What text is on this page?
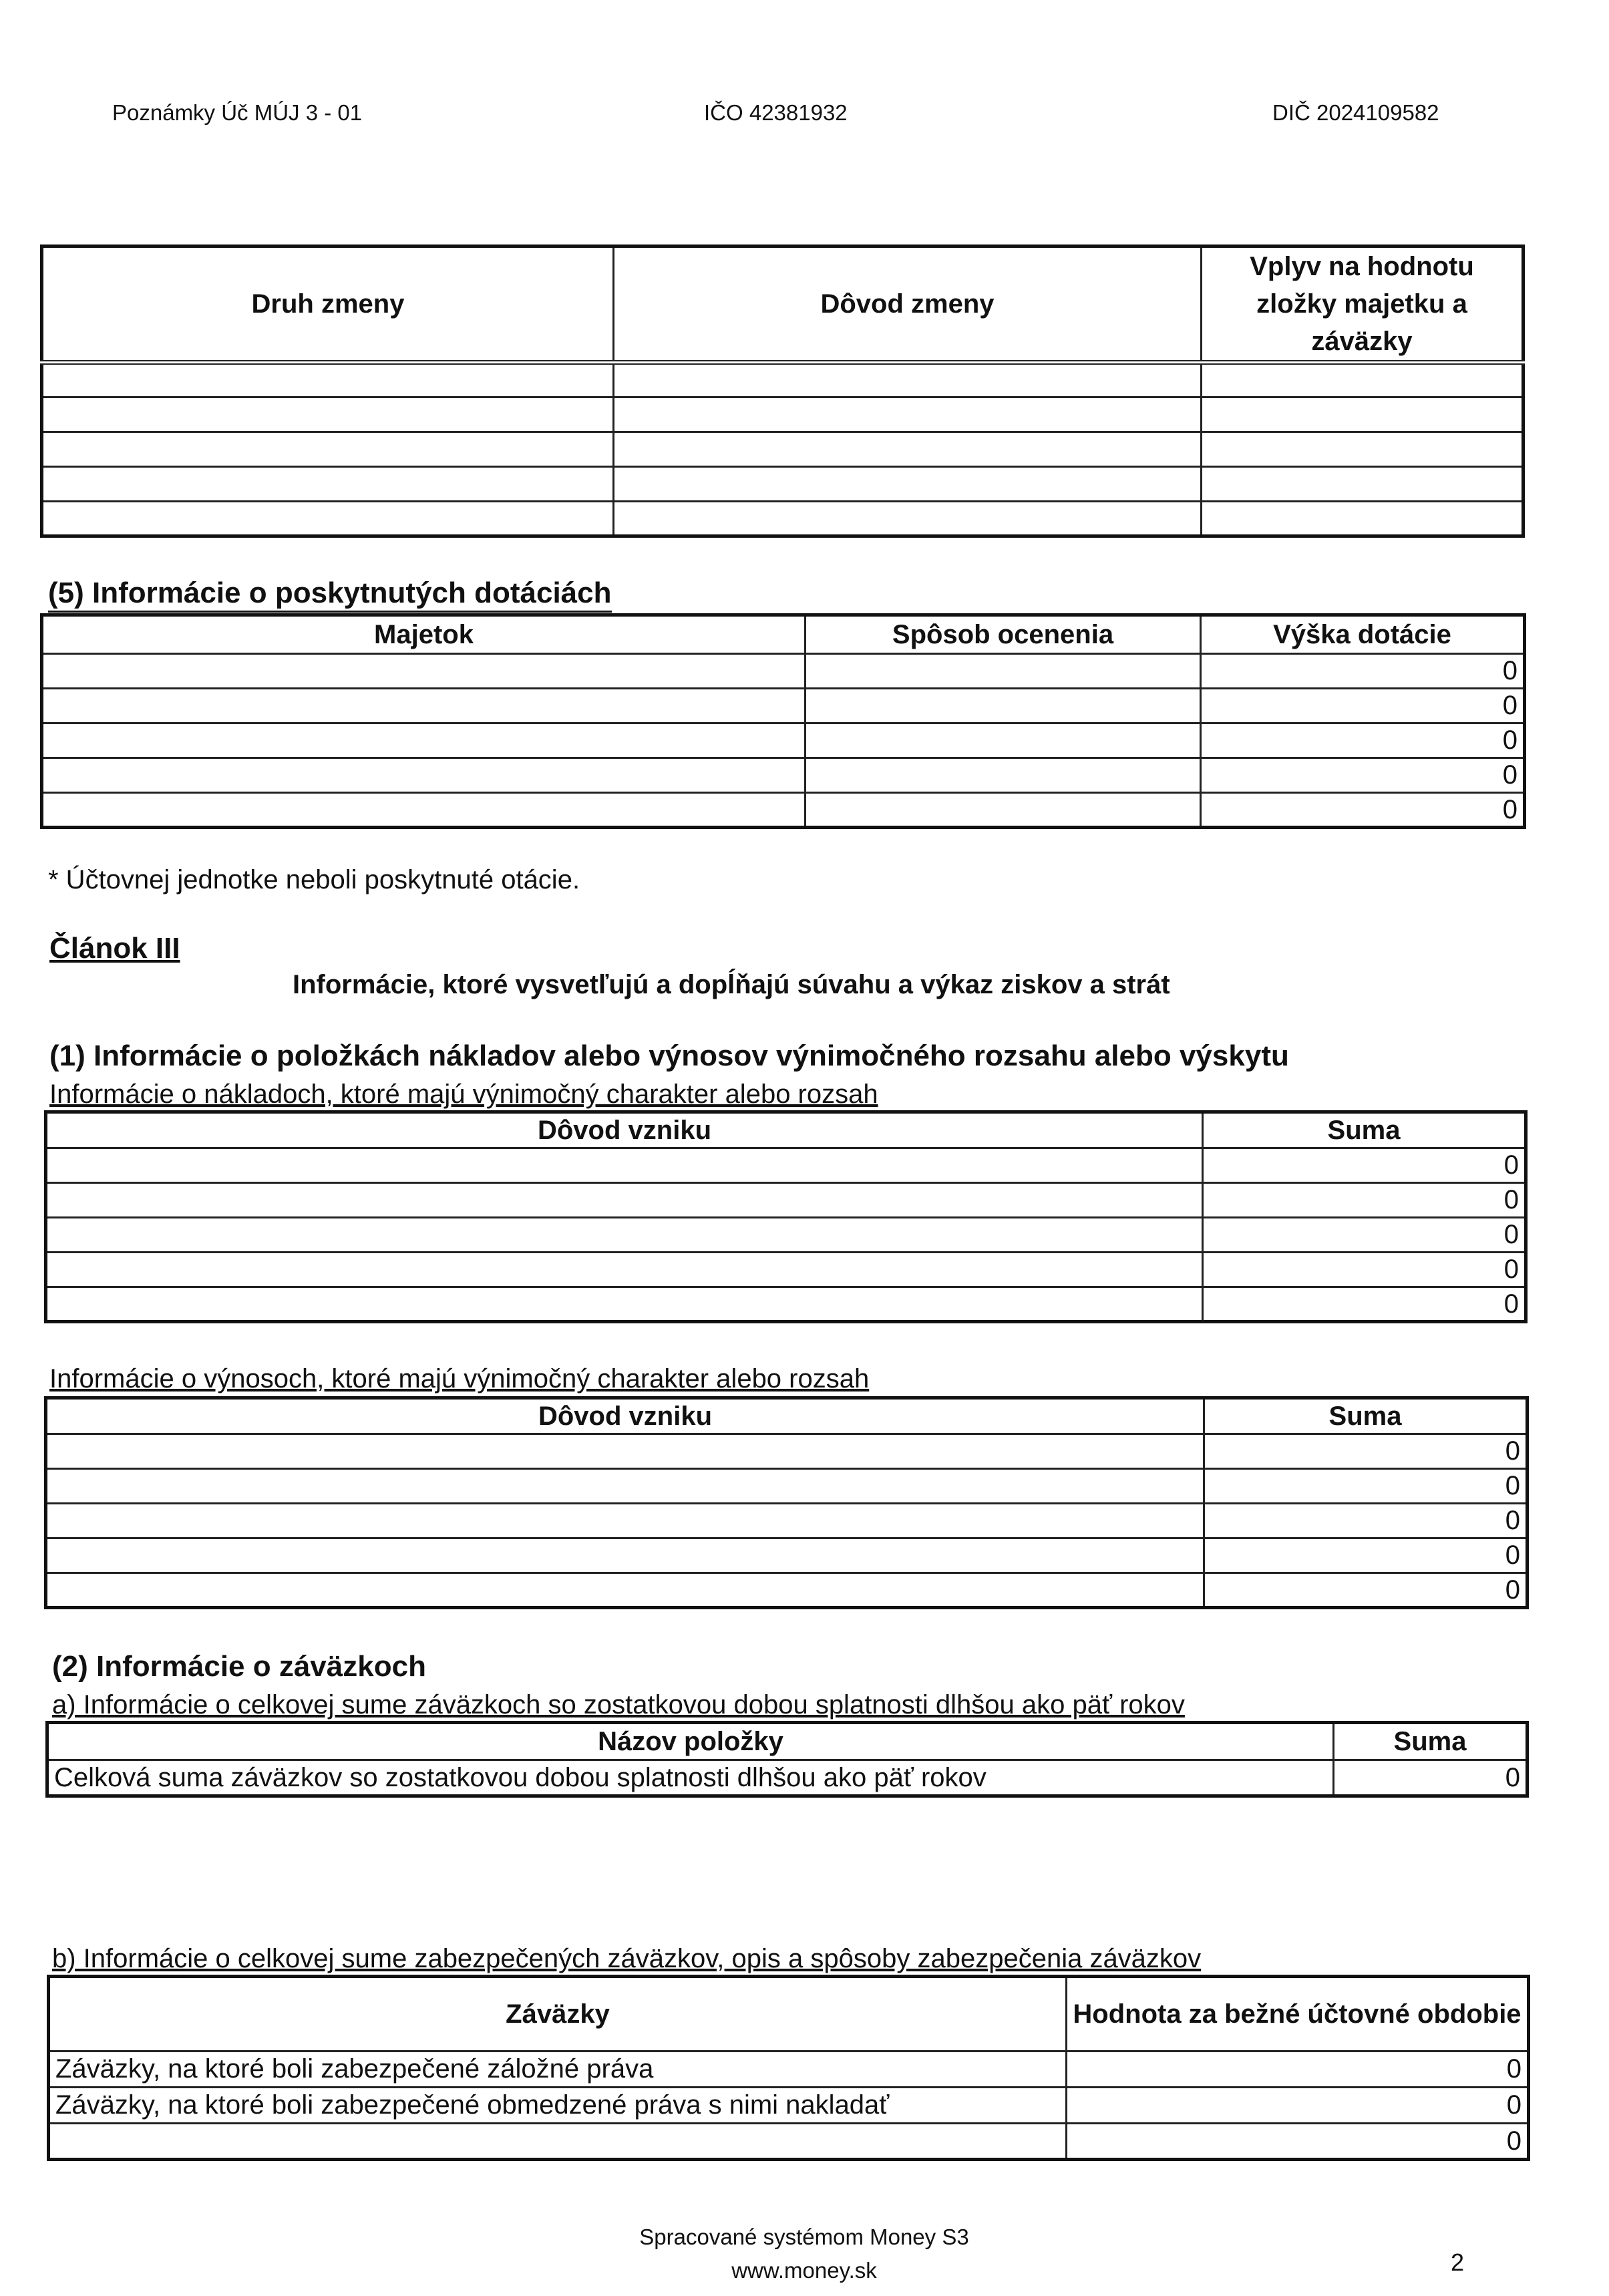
Poznámky Úč MÚJ 3 - 01	IČO 42381932	DIČ 2024109582
Druh zmeny	Dôvod zmeny	Vplyv na hodnotu zložky majetku a záväzky

(5) Informácie o poskytnutých dotáciách
Majetok	Spôsob ocenenia	Výška dotácie
		0
		0
		0
		0
		0
* Účtovnej jednotke neboli poskytnuté otácie.
Článok III
Informácie, ktoré vysvetľujú a dopĺňajú súvahu a výkaz ziskov a strát
(1) Informácie o položkách nákladov alebo výnosov výnimočného rozsahu alebo výskytu
Informácie o nákladoch, ktoré majú výnimočný charakter alebo rozsah
Dôvod vzniku	Suma
	0
	0
	0
	0
	0
Informácie o výnosoch, ktoré majú výnimočný charakter alebo rozsah
Dôvod vzniku	Suma
	0
	0
	0
	0
	0
(2) Informácie o záväzkoch
a) Informácie o celkovej sume záväzkoch so zostatkovou dobou splatnosti dlhšou ako päť rokov
Názov položky	Suma
Celková suma záväzkov so zostatkovou dobou splatnosti dlhšou ako päť rokov	0
b) Informácie o celkovej sume zabezpečených záväzkov, opis a spôsoby zabezpečenia záväzkov
Záväzky	Hodnota za bežné účtovné obdobie
Záväzky, na ktoré boli zabezpečené záložné práva	0
Záväzky, na ktoré boli zabezpečené obmedzené práva s nimi nakladať	0
	0
Spracované systémom Money S3
www.money.sk	2
